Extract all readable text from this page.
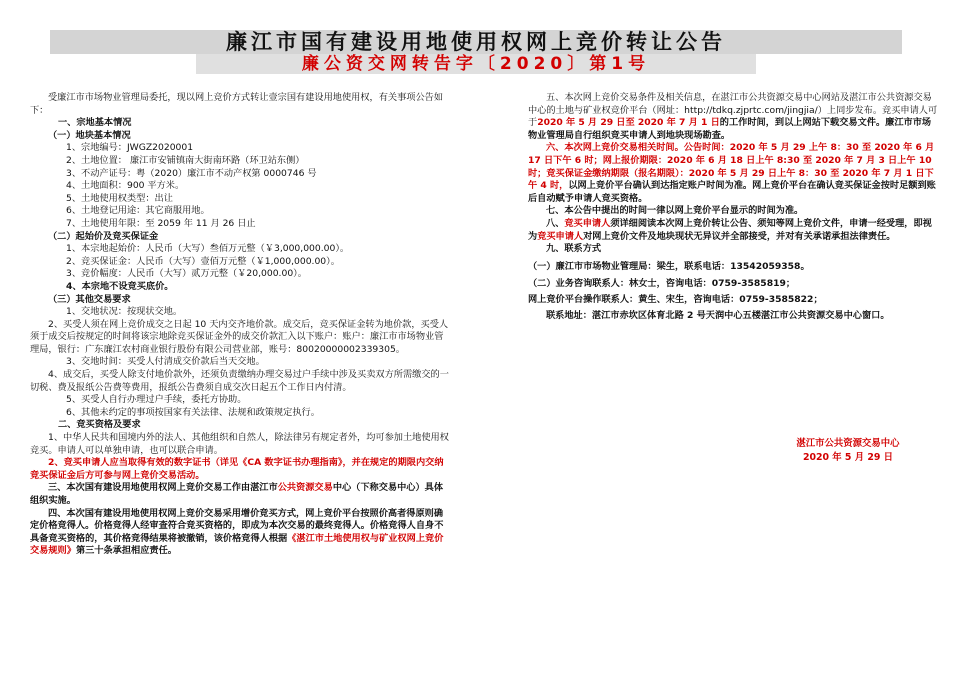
廉江市国有建设用地使用权网上竞价转让公告
廉公资交网转告字〔2020〕第1号

受廉江市市场物业管理局委托，现以网上竞价方式转让壹宗国有建设用地使用权，有关事项公告如下：

一、宗地基本情况

（一）地块基本情况

1、宗地编号：JWGZ2020001

2、土地位置： 廉江市安铺镇南大街南环路（环卫站东侧）

3、不动产证号：粤（2020）廉江市不动产权第 0000746 号

4、土地面积：900 平方米。

5、土地使用权类型：出让

6、土地登记用途：其它商服用地。

7、土地使用年限：至 2059 年 11 月 26 日止

（二）起始价及竞买保证金

1、本宗地起始价：人民币（大写）叁佰万元整（￥3,000,000.00）。

2、竞买保证金：人民币（大写）壹佰万元整（￥1,000,000.00）。

3、竞价幅度：人民币（大写）贰万元整（￥20,000.00）。

4、本宗地不设竞买底价。

（三）其他交易要求

1、交地状况：按现状交地。

2、买受人须在网上竞价成交之日起 10 天内交齐地价款。成交后，竞买保证金转为地价款，买受人须于成交后按规定的时间将该宗地除竞买保证金外的成交价款汇入以下账户：账户：廉江市市场物业管理局，银行：广东廉江农村商业银行股份有限公司营业部，账号：80020000002339305。

3、交地时间：买受人付清成交价款后当天交地。

4、成交后，买受人除支付地价款外，还须负责缴纳办理交易过户手续中涉及买卖双方所需缴交的一切税、费及报纸公告费等费用，报纸公告费须自成交次日起五个工作日内付清。

5、买受人自行办理过户手续，委托方协助。

6、其他未约定的事项按国家有关法律、法规和政策规定执行。

二、竞买资格及要求

1、中华人民共和国境内外的法人、其他组织和自然人，除法律另有规定者外，均可参加土地使用权竞买。申请人可以单独申请，也可以联合申请。

2、竞买申请人应当取得有效的数字证书（详见《CA 数字证书办理指南》，并在规定的期限内交纳竞买保证金后方可参与网上竞价交易活动。

三、本次国有建设用地使用权网上竞价交易工作由湛江市公共资源交易中心（下称交易中心）具体组织实施。

四、本次国有建设用地使用权网上竞价交易采用增价竞买方式，网上竞价平台按照价高者得原则确定价格竞得人。价格竞得人经审查符合竞买资格的，即成为本次交易的最终竞得人。价格竞得人自身不具备竞买资格的，其价格竞得结果将被撤销，该价格竞得人根据《湛江市土地使用权与矿业权网上竞价交易规则》第三十条承担相应责任。

五、本次网上竞价交易条件及相关信息，在湛江市公共资源交易中心网站及湛江市公共资源交易中心的土地与矿业权竞价平台（网址：http://tdkq.zjprtc.com/jingjia/）上同步发布。竞买申请人可于2020 年 5 月 29 日至 2020 年 7 月 1 日的工作时间，到以上网站下载交易文件。廉江市市场物业管理局自行组织竞买申请人到地块现场勘查。

六、本次网上竞价交易相关时间。公告时间：2020 年 5 月 29 上午 8：30 至 2020 年 6 月 17 日下午 6 时；网上报价期限：2020 年 6 月 18 日上午 8:30 至 2020 年 7 月 3 日上午 10 时；竞买保证金缴纳期限（报名期限）：2020 年 5 月 29 日上午 8：30 至 2020 年 7 月 1 日下午 4 时，以网上竞价平台确认到达指定账户时间为准。网上竞价平台在确认竞买保证金按时足额到账后自动赋予申请人竞买资格。

七、本公告中提出的时间一律以网上竞价平台显示的时间为准。

八、竞买申请人须详细阅读本次网上竞价转让公告、须知等网上竞价文件，申请一经受理，即视为竞买申请人对网上竞价文件及地块现状无异议并全部接受，并对有关承诺承担法律责任。

九、联系方式

（一）廉江市市场物业管理局：梁生，联系电话：13542059358。

（二）业务咨询联系人：林女士，咨询电话：0759-3585819；

网上竞价平台操作联系人：黄生、宋生，咨询电话：0759-3585822；

联系地址：湛江市赤坎区体育北路 2 号天润中心五楼湛江市公共资源交易中心窗口。

湛江市公共资源交易中心
2020 年 5 月 29 日
